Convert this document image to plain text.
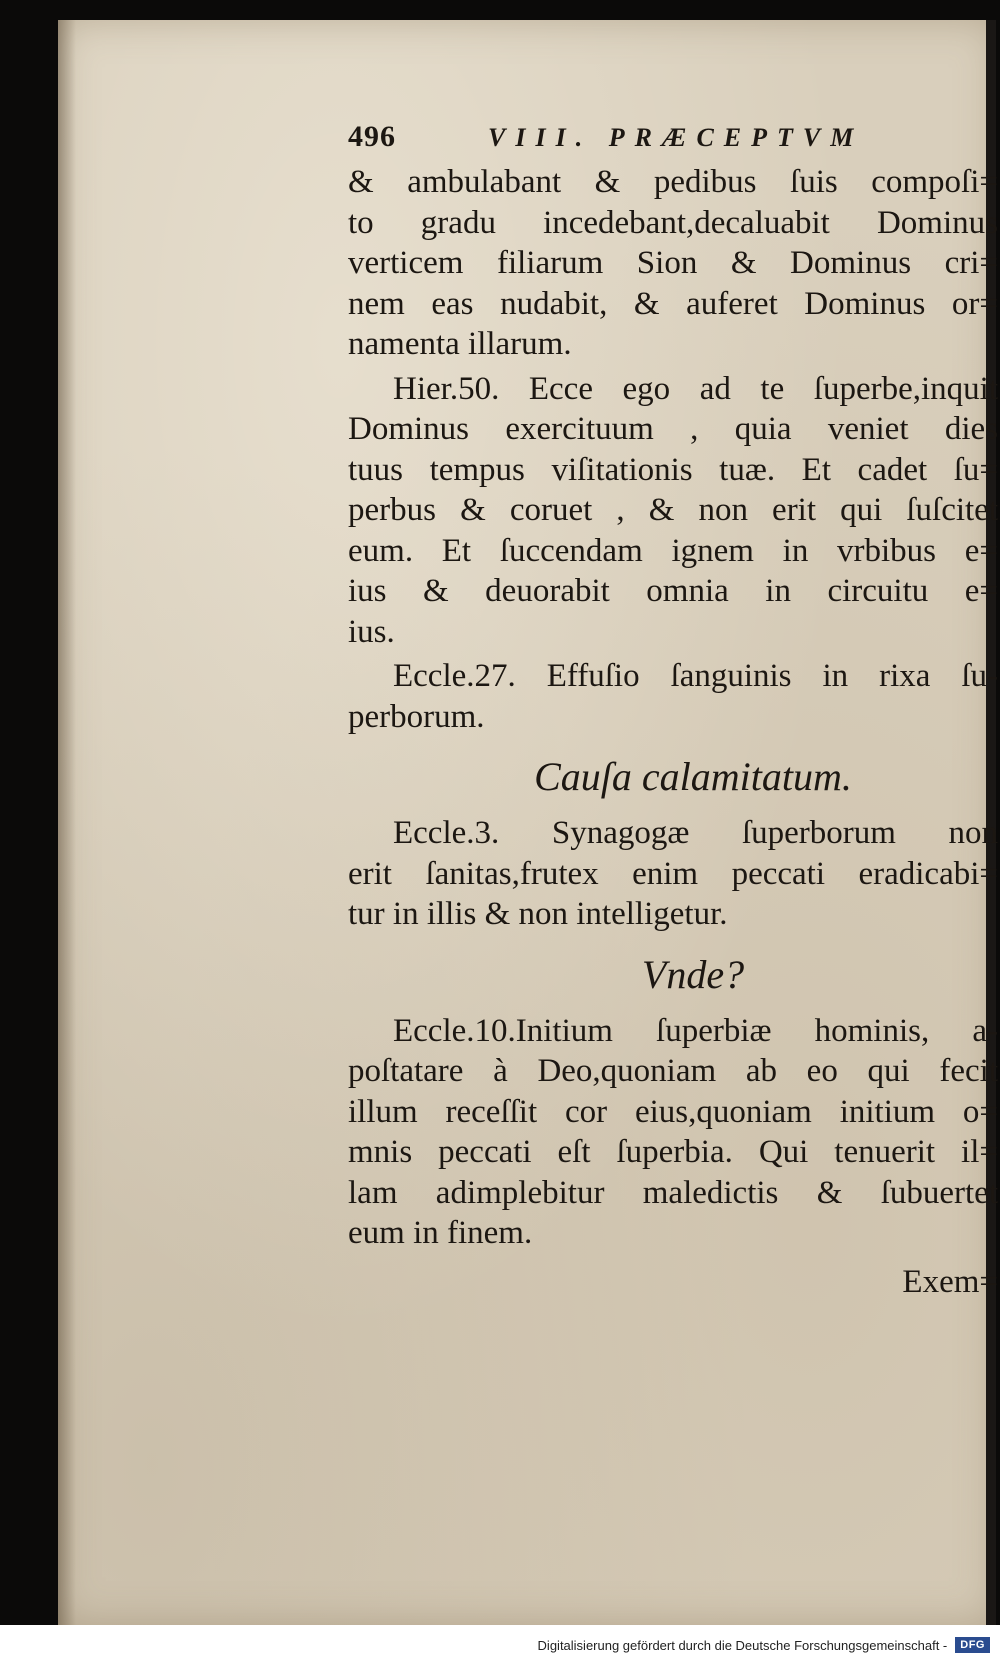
496	VIII. PRÆCEPTVM
& ambulabant & pedibus ſuis compoſi=
to gradu incedebant,decaluabit Dominus
verticem filiarum Sion & Dominus cri=
nem eas nudabit, & auferet Dominus or=
namenta illarum.
Hier.50. Ecce ego ad te ſuperbe,inquit
Dominus exercituum , quia veniet dies
tuus tempus viſitationis tuæ. Et cadet ſu=
perbus & coruet , & non erit qui ſuſcitet
eum. Et ſuccendam ignem in vrbibus e=
ius & deuorabit omnia in circuitu e=
ius.
Eccle.27. Effuſio ſanguinis in rixa ſu-
perborum.
Cauſa calamitatum.
Eccle.3. Synagogæ ſuperborum non
erit ſanitas,frutex enim peccati eradicabi=
tur in illis & non intelligetur.
Vnde?
Eccle.10.Initium ſuperbiæ hominis, a-
poſtatare à Deo,quoniam ab eo qui fecit
illum receſſit cor eius,quoniam initium o=
mnis peccati eſt ſuperbia. Qui tenuerit il=
lam adimplebitur maledictis & ſubuertet
eum in finem.
Exem=
Digitalisierung gefördert durch die Deutsche Forschungsgemeinschaft -	DFG
